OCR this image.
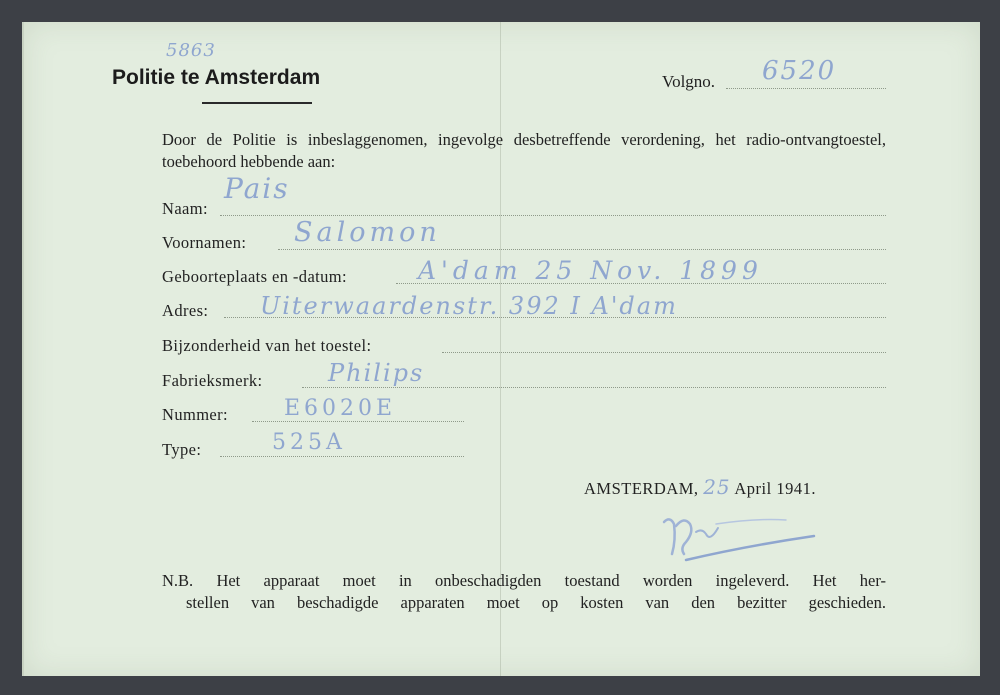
5863
Politie te Amsterdam	Volgno. 6520
Door de Politie is inbeslaggenomen, ingevolge desbetreffende verordening, het radio-ontvangtoestel, toebehoord hebbende aan:
Naam:
Pais
Voornamen: Salomon
Geboorteplaats en -datum:	A'dam 25 Nov. 1899
Adres: Uiterwaardenstr. 392 I A'dam
Bijzonderheid van het toestel:
Fabrieksmerk:	Philips
Nummer:	E6020E
Type:	525A
AMSTERDAM, 25 April 1941.
N.B. Het apparaat moet in onbeschadigden toestand worden ingeleverd. Het her-
stellen van beschadigde apparaten moet op kosten van den bezitter geschieden.
